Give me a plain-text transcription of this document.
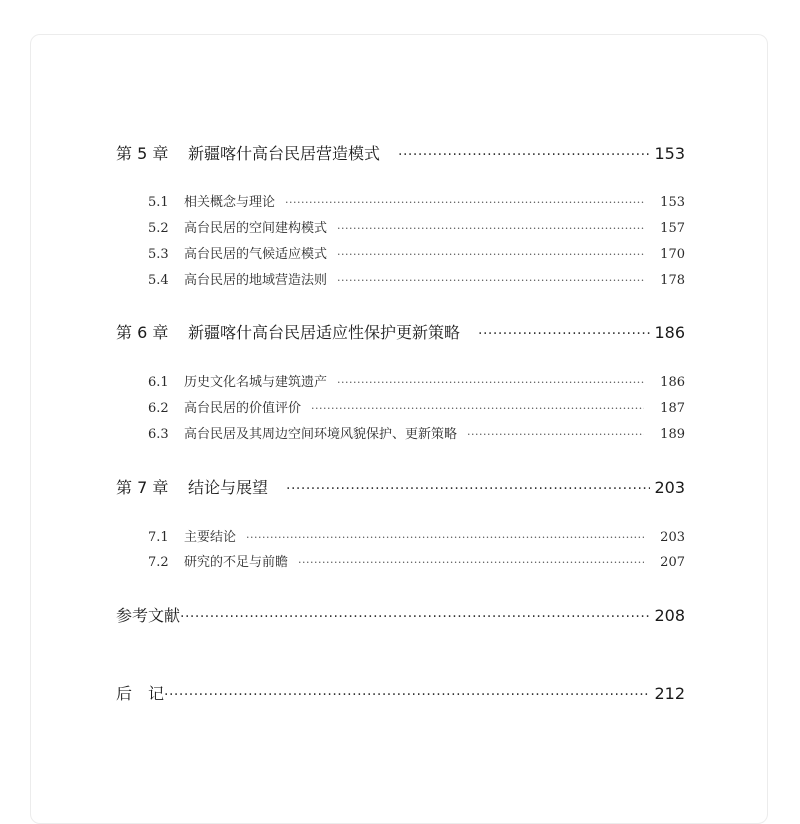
第 5 章	新疆喀什高台民居营造模式 ·····	153
5.1	相关概念与理论 ·····	153
5.2	高台民居的空间建构模式 ·····	157
5.3	高台民居的气候适应模式 ·····	170
5.4	高台民居的地域营造法则 ·····	178
第 6 章	新疆喀什高台民居适应性保护更新策略 ·····	186
6.1	历史文化名城与建筑遗产 ·····	186
6.2	高台民居的价值评价 ·····	187
6.3	高台民居及其周边空间环境风貌保护、更新策略 ·····	189
第 7 章	结论与展望 ·····	203
7.1	主要结论 ·····	203
7.2	研究的不足与前瞻 ·····	207
参考文献 ·····	208
后　记 ·····	212
